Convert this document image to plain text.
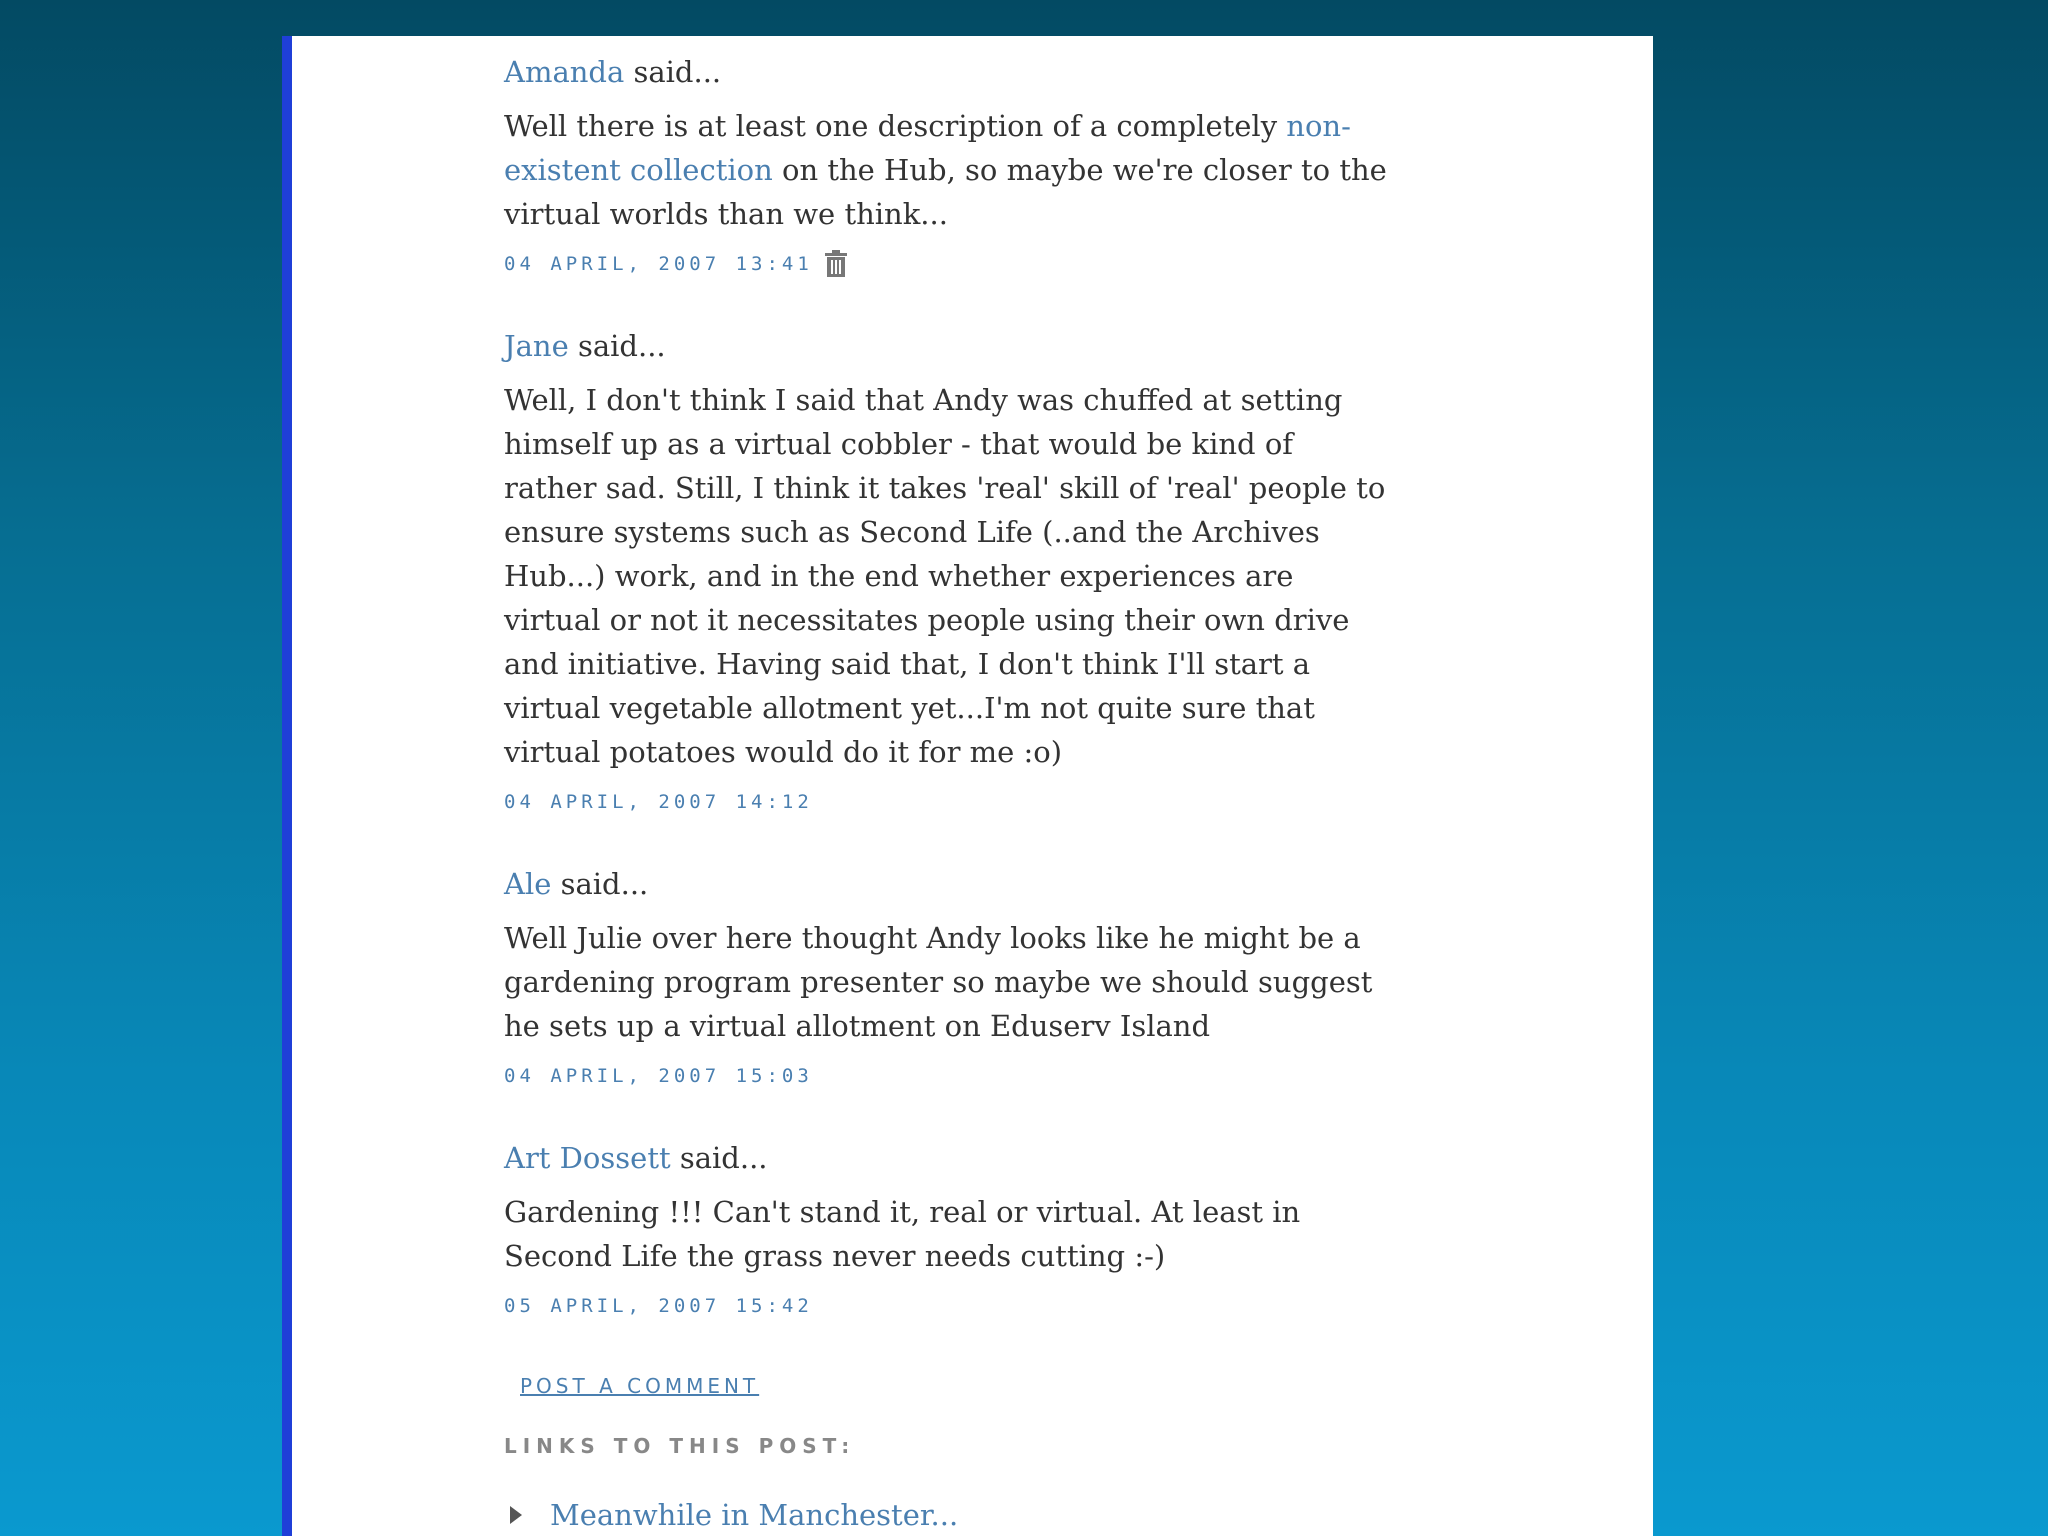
Amanda said...

Well there is at least one description of a completely non-existent collection on the Hub, so maybe we're closer to the virtual worlds than we think...

04 APRIL, 2007 13:41
Jane said...

Well, I don't think I said that Andy was chuffed at setting himself up as a virtual cobbler - that would be kind of rather sad. Still, I think it takes 'real' skill of 'real' people to ensure systems such as Second Life (..and the Archives Hub...) work, and in the end whether experiences are virtual or not it necessitates people using their own drive and initiative. Having said that, I don't think I'll start a virtual vegetable allotment yet...I'm not quite sure that virtual potatoes would do it for me :o)

04 APRIL, 2007 14:12
Ale said...

Well Julie over here thought Andy looks like he might be a gardening program presenter so maybe we should suggest he sets up a virtual allotment on Eduserv Island

04 APRIL, 2007 15:03
Art Dossett said...

Gardening !!! Can't stand it, real or virtual. At least in Second Life the grass never needs cutting :-)

05 APRIL, 2007 15:42
POST A COMMENT
LINKS TO THIS POST:
Meanwhile in Manchester...
